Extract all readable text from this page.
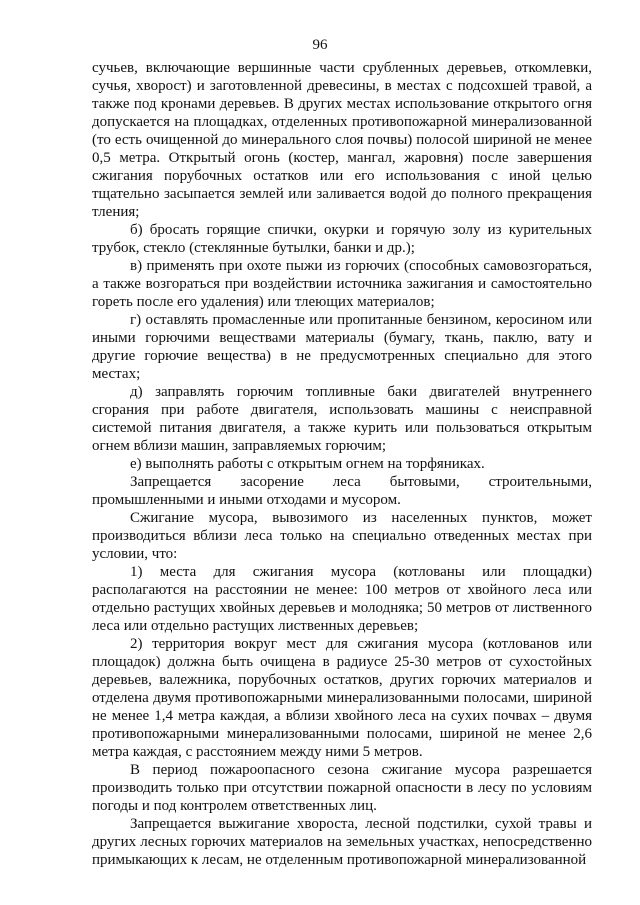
96

сучьев, включающие вершинные части срубленных деревьев, откомлевки, сучья, хворост) и заготовленной древесины, в местах с подсохшей травой, а также под кронами деревьев. В других местах использование открытого огня допускается на площадках, отделенных противопожарной минерализованной (то есть очищенной до минерального слоя почвы) полосой шириной не менее 0,5 метра. Открытый огонь (костер, мангал, жаровня) после завершения сжигания порубочных остатков или его использования с иной целью тщательно засыпается землей или заливается водой до полного прекращения тления;

б) бросать горящие спички, окурки и горячую золу из курительных трубок, стекло (стеклянные бутылки, банки и др.);

в) применять при охоте пыжи из горючих (способных самовозгораться, а также возгораться при воздействии источника зажигания и самостоятельно гореть после его удаления) или тлеющих материалов;

г) оставлять промасленные или пропитанные бензином, керосином или иными горючими веществами материалы (бумагу, ткань, паклю, вату и другие горючие вещества) в не предусмотренных специально для этого местах;

д) заправлять горючим топливные баки двигателей внутреннего сгорания при работе двигателя, использовать машины с неисправной системой питания двигателя, а также курить или пользоваться открытым огнем вблизи машин, заправляемых горючим;

е) выполнять работы с открытым огнем на торфяниках.

Запрещается засорение леса бытовыми, строительными, промышленными и иными отходами и мусором.

Сжигание мусора, вывозимого из населенных пунктов, может производиться вблизи леса только на специально отведенных местах при условии, что:

1) места для сжигания мусора (котлованы или площадки) располагаются на расстоянии не менее: 100 метров от хвойного леса или отдельно растущих хвойных деревьев и молодняка; 50 метров от лиственного леса или отдельно растущих лиственных деревьев;

2) территория вокруг мест для сжигания мусора (котлованов или площадок) должна быть очищена в радиусе 25-30 метров от сухостойных деревьев, валежника, порубочных остатков, других горючих материалов и отделена двумя противопожарными минерализованными полосами, шириной не менее 1,4 метра каждая, а вблизи хвойного леса на сухих почвах – двумя противопожарными минерализованными полосами, шириной не менее 2,6 метра каждая, с расстоянием между ними 5 метров.

В период пожароопасного сезона сжигание мусора разрешается производить только при отсутствии пожарной опасности в лесу по условиям погоды и под контролем ответственных лиц.

Запрещается выжигание хвороста, лесной подстилки, сухой травы и других лесных горючих материалов на земельных участках, непосредственно примыкающих к лесам, не отделенным противопожарной минерализованной
